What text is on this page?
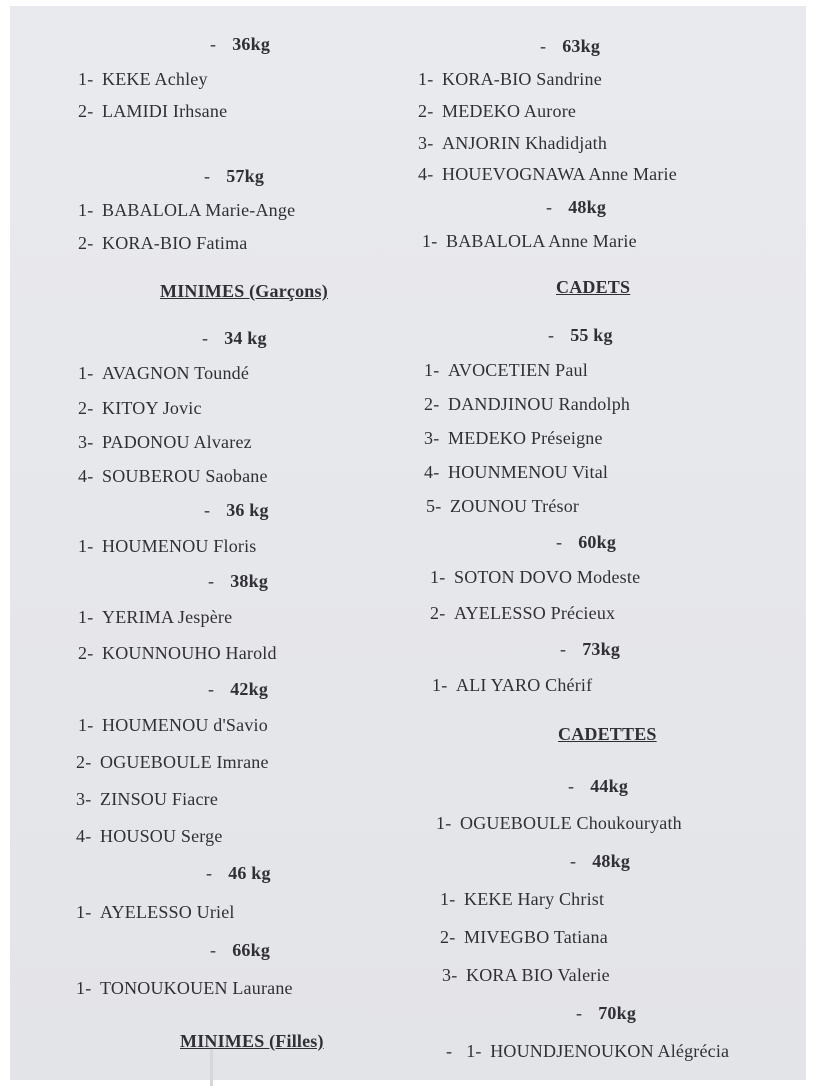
- 36kg
1- KEKE Achley
2- LAMIDI Irhsane
- 57kg
1- BABALOLA Marie-Ange
2- KORA-BIO Fatima
MINIMES (Garçons)
- 34 kg
1- AVAGNON Toundé
2- KITOY Jovic
3- PADONOU Alvarez
4- SOUBEROU Saobane
- 36 kg
1- HOUMENOU Floris
- 38kg
1- YERIMA Jespère
2- KOUNNOUHO Harold
- 42kg
1- HOUMENOU d'Savio
2- OGUEBOULE Imrane
3- ZINSOU Fiacre
4- HOUSOU Serge
- 46 kg
1- AYELESSO Uriel
- 66kg
1- TONOUKOUEN Laurane
MINIMES (Filles)
- 63kg
1- KORA-BIO Sandrine
2- MEDEKO Aurore
3- ANJORIN Khadidjath
4- HOUEVOGNAWA Anne Marie
- 48kg
1- BABALOLA Anne Marie
CADETS
- 55 kg
1- AVOCETIEN Paul
2- DANDJINOU Randolph
3- MEDEKO Préseigne
4- HOUNMENOU Vital
5- ZOUNOU Trésor
- 60kg
1- SOTON DOVO Modeste
2- AYELESSO Précieux
- 73kg
1- ALI YARO Chérif
CADETTES
- 44kg
1- OGUEBOULE Choukouryath
- 48kg
1- KEKE Hary Christ
2- MIVEGBO Tatiana
3- KORA BIO Valerie
- 70kg
- 1- HOUNDJENOUKON Alégrécia
